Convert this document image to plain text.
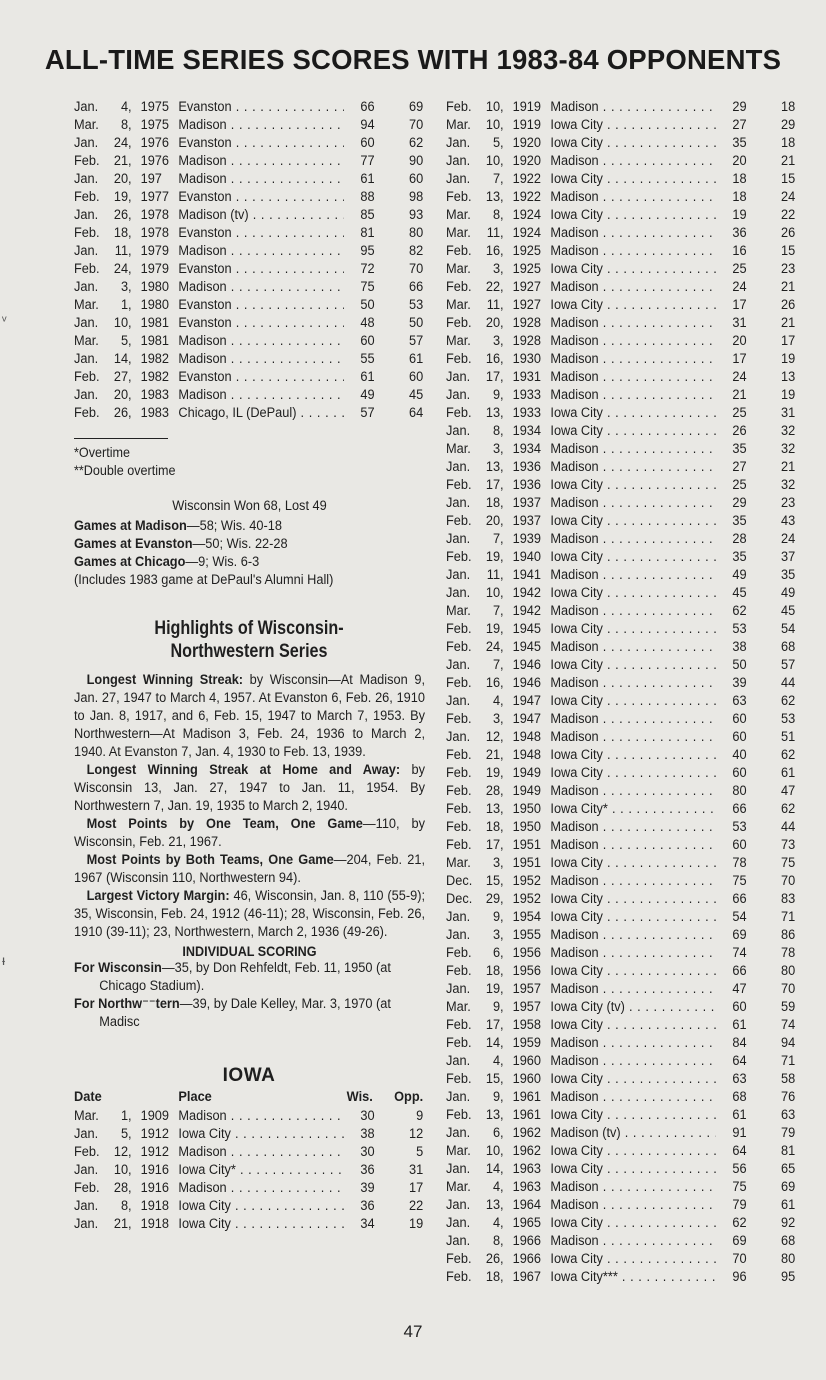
ALL-TIME SERIES SCORES WITH 1983-84 OPPONENTS
Jan.	4, 1975 Evanston . . .	66	69
Mar.	8, 1975 Madison . . .	94	70
Jan.	24, 1976 Evanston . . .	60	62
Feb.	21, 1976 Madison . . .	77	90
Jan.	20, 197	Madison . . .	61	60
Feb.	19, 1977 Evanston . . .	88	98
Jan.	26, 1978 Madison (tv) . . .	85	93
Feb.	18, 1978 Evanston . . .	81	80
Jan.	11, 1979 Madison . . .	95	82
Feb.	24, 1979 Evanston . . .	72	70
Jan.	3, 1980 Madison . . .	75	66
Mar.	1, 1980 Evanston . . .	50	53
Jan.	10, 1981 Evanston . . .	48	50
Mar.	5, 1981 Madison . . .	60	57
Jan.	14, 1982 Madison . . .	55	61
Feb.	27, 1982 Evanston . . .	61	60
Jan.	20, 1983 Madison . . .	49	45
Feb.	26, 1983 Chicago, IL (DePaul) . . .	57	64
*Overtime
**Double overtime
Wisconsin Won 68, Lost 49
Games at Madison—58; Wis. 40-18
Games at Evanston—50; Wis. 22-28
Games at Chicago—9; Wis. 6-3
(Includes 1983 game at DePaul's Alumni Hall)
Highlights of Wisconsin-
Northwestern Series

Longest Winning Streak: by Wisconsin—At Madison 9, Jan. 27, 1947 to March 4, 1957. At Evanston 6, Feb. 26, 1910 to Jan. 8, 1917, and 6, Feb. 15, 1947 to March 7, 1953. By Northwestern—At Madison 3, Feb. 24, 1936 to March 2, 1940. At Evanston 7, Jan. 4, 1930 to Feb. 13, 1939.

Longest Winning Streak at Home and Away: by Wisconsin 13, Jan. 27, 1947 to Jan. 11, 1954. By Northwestern 7, Jan. 19, 1935 to March 2, 1940.

Most Points by One Team, One Game—110, by Wisconsin, Feb. 21, 1967.

Most Points by Both Teams, One Game—204, Feb. 21, 1967 (Wisconsin 110, Northwestern 94).

Largest Victory Margin: 46, Wisconsin, Jan. 8, 110 (55-9); 35, Wisconsin, Feb. 24, 1912 (46-11); 28, Wisconsin, Feb. 26, 1910 (39-11); 23, Northwestern, March 2, 1936 (49-26).

INDIVIDUAL SCORING

For Wisconsin—35, by Don Rehfeldt, Feb. 11, 1950 (at Chicago Stadium).

For Northw⁻⁻tern—39, by Dale Kelley, Mar. 3, 1970 (at Madisc

IOWA
Date	Place	Wis.	Opp.
Mar.	1, 1909 Madison . . .	30	9
Jan.	5, 1912 Iowa City . . .	38	12
Feb.	12, 1912 Madison . . .	30	5
Jan.	10, 1916 Iowa City* . . .	36	31
Feb.	28, 1916 Madison . . .	39	17
Jan.	8, 1918 Iowa City . . .	36	22
Jan.	21, 1918 Iowa City . . .	34	19
Feb.	10, 1919 Madison . . .	29	18
Mar.	10, 1919 Iowa City . . .	27	29
Jan.	5, 1920 Iowa City . . .	35	18
Jan.	10, 1920 Madison . . .	20	21
Jan.	7, 1922 Iowa City . . .	18	15
Feb.	13, 1922 Madison . . .	18	24
Mar.	8, 1924 Iowa City . . .	19	22
Mar.	11, 1924 Madison . . .	36	26
Feb.	16, 1925 Madison . . .	16	15
Mar.	3, 1925 Iowa City . . .	25	23
Feb.	22, 1927 Madison . . .	24	21
Mar.	11, 1927 Iowa City . . .	17	26
Feb.	20, 1928 Madison . . .	31	21
Mar.	3, 1928 Madison . . .	20	17
Feb.	16, 1930 Madison . . .	17	19
Jan.	17, 1931 Madison . . .	24	13
Jan.	9, 1933 Madison . . .	21	19
Feb.	13, 1933 Iowa City . . .	25	31
Jan.	8, 1934 Iowa City . . .	26	32
Mar.	3, 1934 Madison . . .	35	32
Jan.	13, 1936 Madison . . .	27	21
Feb.	17, 1936 Iowa City . . .	25	32
Jan.	18, 1937 Madison . . .	29	23
Feb.	20, 1937 Iowa City . . .	35	43
Jan.	7, 1939 Madison . . .	28	24
Feb.	19, 1940 Iowa City . . .	35	37
Jan.	11, 1941 Madison . . .	49	35
Jan.	10, 1942 Iowa City . . .	45	49
Mar.	7, 1942 Madison . . .	62	45
Feb.	19, 1945 Iowa City . . .	53	54
Feb.	24, 1945 Madison . . .	38	68
Jan.	7, 1946 Iowa City . . .	50	57
Feb.	16, 1946 Madison . . .	39	44
Jan.	4, 1947 Iowa City . . .	63	62
Feb.	3, 1947 Madison . . .	60	53
Jan.	12, 1948 Madison . . .	60	51
Feb.	21, 1948 Iowa City . . .	40	62
Feb.	19, 1949 Iowa City . . .	60	61
Feb.	28, 1949 Madison . . .	80	47
Feb.	13, 1950 Iowa City* . . .	66	62
Feb.	18, 1950 Madison . . .	53	44
Feb.	17, 1951 Madison . . .	60	73
Mar.	3, 1951 Iowa City . . .	78	75
Dec. 15, 1952 Madison . . .	75	70
Dec. 29, 1952 Iowa City . . .	66	83
Jan.	9, 1954 Iowa City . . .	54	71
Jan.	3, 1955 Madison . . .	69	86
Feb.	6, 1956 Madison . . .	74	78
Feb.	18, 1956 Iowa City . . .	66	80
Jan.	19, 1957 Madison . . .	47	70
Mar.	9, 1957 Iowa City (tv) . . .	60	59
Feb.	17, 1958 Iowa City . . .	61	74
Feb.	14, 1959 Madison . . .	84	94
Jan.	4, 1960 Madison . . .	64	71
Feb.	15, 1960 Iowa City . . .	63	58
Jan.	9, 1961 Madison . . .	68	76
Feb.	13, 1961 Iowa City . . .	61	63
Jan.	6, 1962 Madison (tv) . . .	91	79
Mar.	10, 1962 Iowa City . . .	64	81
Jan.	14, 1963 Iowa City . . .	56	65
Mar.	4, 1963 Madison . . .	75	69
Jan.	13, 1964 Madison . . .	79	61
Jan.	4, 1965 Iowa City . . .	62	92
Jan.	8, 1966 Madison . . .	69	68
Feb.	26, 1966 Iowa City . . .	70	80
Feb.	18, 1967 Iowa City*** . . .	96	95
ᵛ
ᵻ
47
